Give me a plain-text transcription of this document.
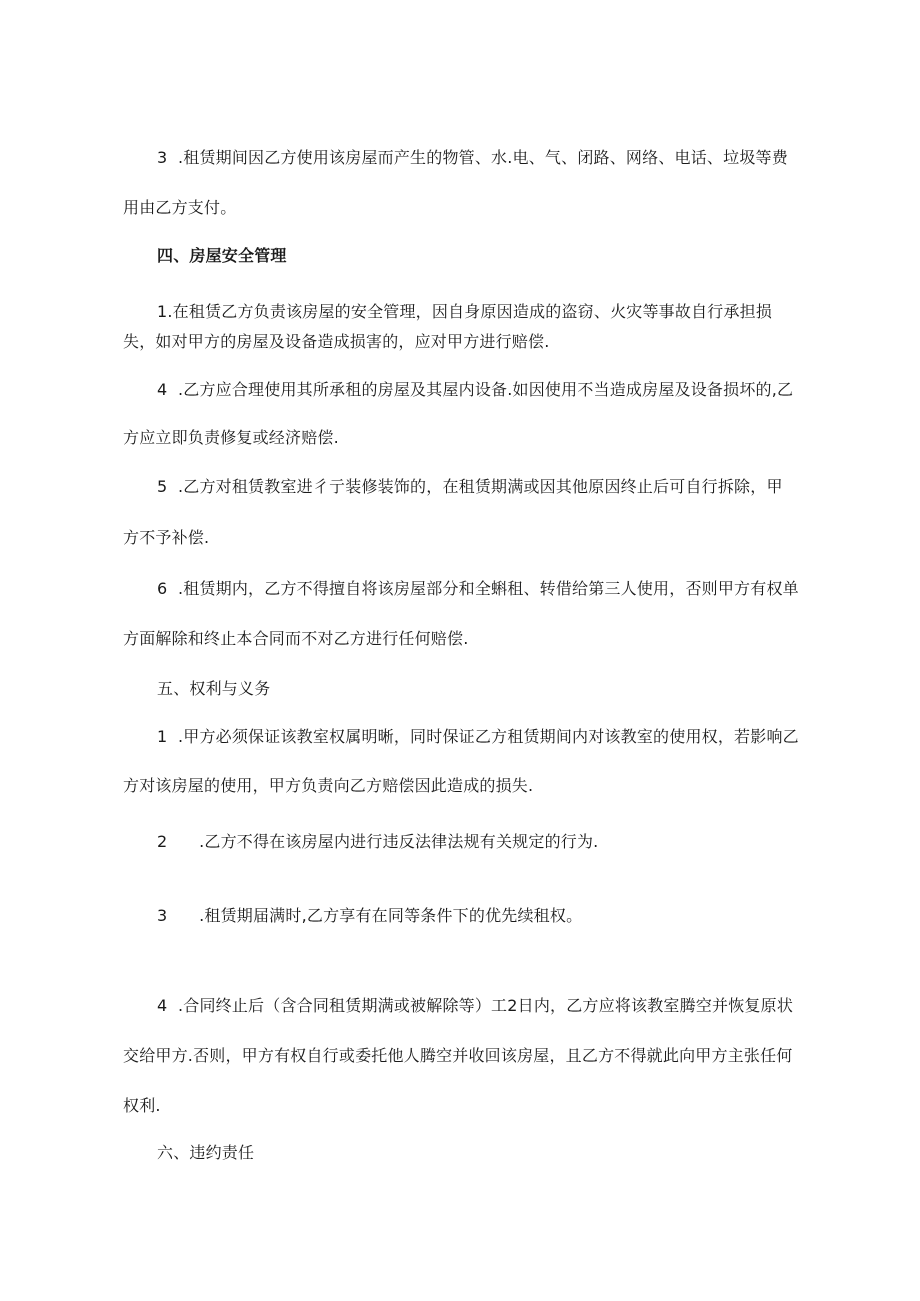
3  .租赁期间因乙方使用该房屋而产生的物管、水.电、气、闭路、网络、电话、垃圾等费
用由乙方支付。
四、房屋安全管理
1.在租赁乙方负责该房屋的安全管理，因自身原因造成的盗窃、火灾等事故自行承担损
失，如对甲方的房屋及设备造成损害的，应对甲方进行赔偿.
4  .乙方应合理使用其所承租的房屋及其屋内设备.如因使用不当造成房屋及设备损坏的,乙
方应立即负责修复或经济赔偿.
5  .乙方对租赁教室进彳亍装修装饰的，在租赁期满或因其他原因终止后可自行拆除，甲
方不予补偿.
6  .租赁期内，乙方不得擅自将该房屋部分和全蝌租、转借给第三人使用，否则甲方有权单
方面解除和终止本合同而不对乙方进行任何赔偿.
五、权利与义务
1  .甲方必须保证该教室权属明晰，同时保证乙方租赁期间内对该教室的使用权，若影响乙
方对该房屋的使用，甲方负责向乙方赔偿因此造成的损失.
2      .乙方不得在该房屋内进行违反法律法规有关规定的行为.
3      .租赁期届满时,乙方享有在同等条件下的优先续租权。
4  .合同终止后（含合同租赁期满或被解除等）工2日内，乙方应将该教室腾空并恢复原状
交给甲方.否则，甲方有权自行或委托他人腾空并收回该房屋，且乙方不得就此向甲方主张任何
权利.
六、违约责任
